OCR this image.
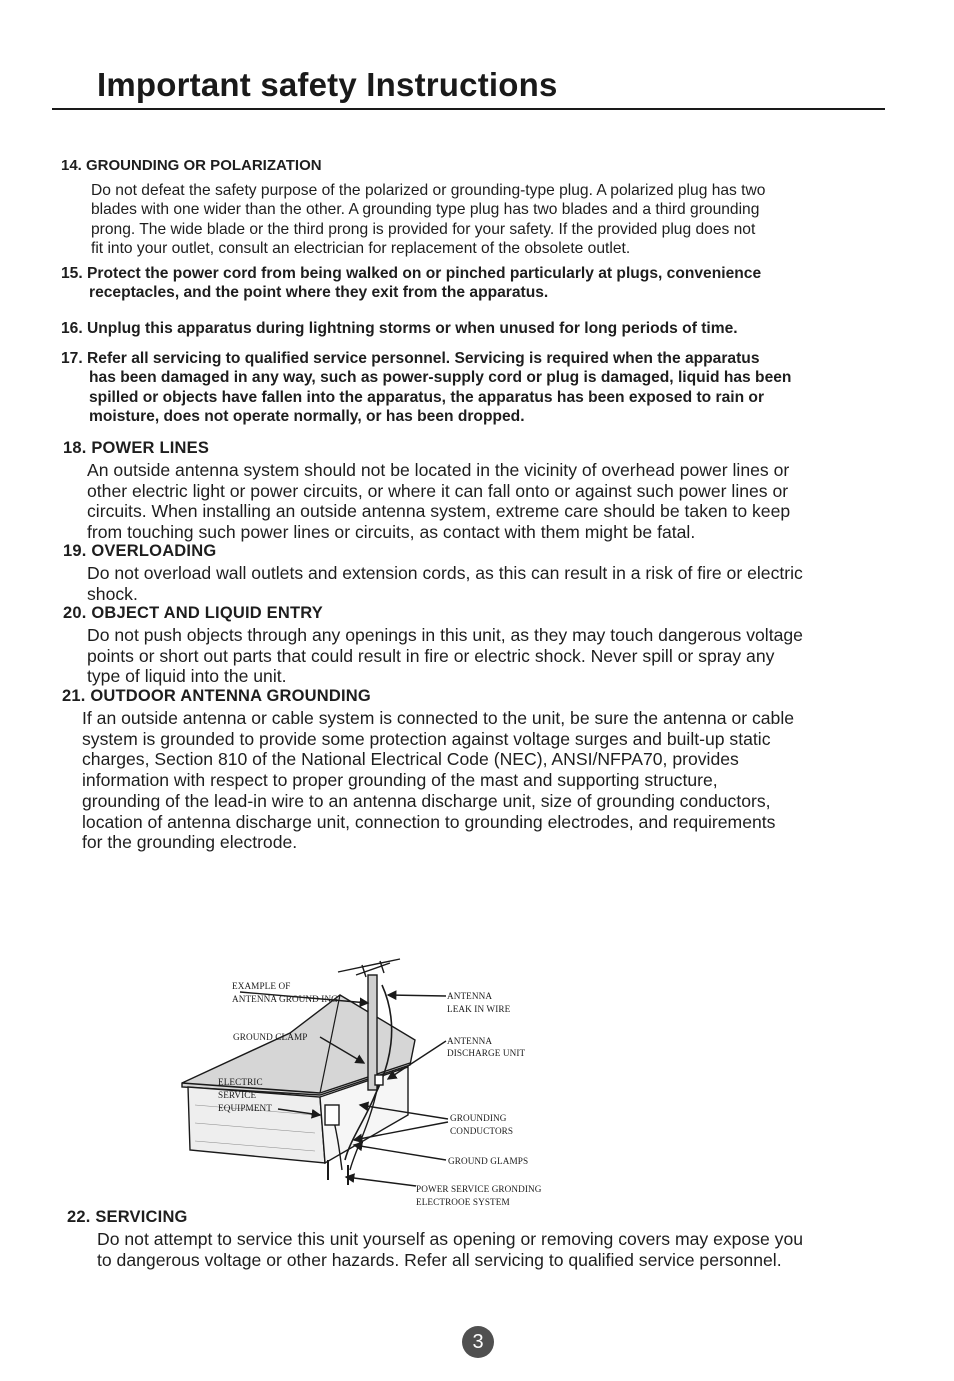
Important safety Instructions
14. GROUNDING OR POLARIZATION
Do not defeat the safety purpose of the polarized or grounding-type plug. A polarized plug has two
blades with one wider than the other. A grounding type plug has two blades and a third grounding
prong. The wide blade or the third prong is provided for your safety. If the provided plug does not
fit into your outlet, consult an electrician for replacement of the obsolete outlet.
15. Protect the power cord from being walked on or pinched particularly at plugs, convenience
receptacles, and the point where they exit from the apparatus.
16. Unplug this apparatus during lightning storms or when unused for long periods of time.
17. Refer all servicing to qualified service personnel. Servicing is required when the apparatus
has been damaged in any way, such as power-supply cord or plug is damaged, liquid has been
spilled or objects have fallen into the apparatus, the apparatus has been exposed to rain or
moisture, does not operate normally, or has been dropped.
18. POWER LINES
An outside antenna system should not be located in the vicinity of overhead power lines or
other electric light or power circuits, or where it can fall onto or against such power lines or
circuits. When installing an outside antenna system, extreme care should be taken to keep
from touching such power lines or circuits, as contact with them might be fatal.
19. OVERLOADING
Do not overload wall outlets and extension cords, as this can result in a risk of fire or electric
shock.
20. OBJECT AND LIQUID ENTRY
Do not push objects through any openings in this unit, as they may touch dangerous voltage
points or short out parts that could result in fire or electric shock. Never spill or spray any
type of liquid into the unit.
21. OUTDOOR ANTENNA GROUNDING
If an outside antenna or cable system is connected to the unit, be sure the antenna or cable
system is grounded to provide some protection against voltage surges and built-up static
charges, Section 810 of the National Electrical Code (NEC), ANSI/NFPA70, provides
information with respect to proper grounding of the mast and supporting structure,
grounding of the lead-in wire to an antenna discharge unit, size of grounding conductors,
location of antenna discharge unit, connection to grounding electrodes, and requirements
for the grounding electrode.
EXAMPLE OF
ANTENNA GROUND ING
GROUND CLAMP
ELECTRIC
SERVICE
EQUIPMENT
ANTENNA
LEAK IN WIRE
ANTENNA
DISCHARGE UNIT
GROUNDING
CONDUCTORS
GROUND GLAMPS
POWER SERVICE GRONDING
ELECTROOE SYSTEM
22. SERVICING
Do not attempt to service this unit yourself as opening or removing covers may expose you
to dangerous voltage or other hazards. Refer all servicing to qualified service personnel.
3
